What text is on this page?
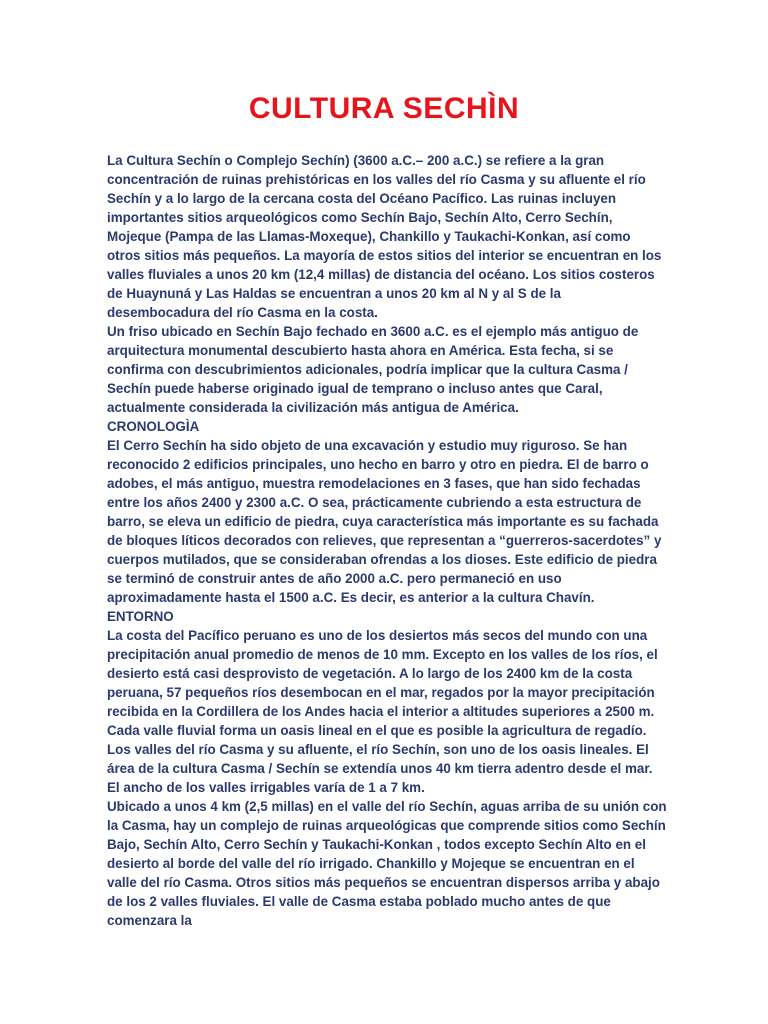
CULTURA SECHÌN

La Cultura Sechín o Complejo Sechín) (3600 a.C.– 200 a.C.) se refiere a la gran concentración de ruinas prehistóricas en los valles del río Casma y su afluente el río Sechín y a lo largo de la cercana costa del Océano Pacífico. Las ruinas incluyen importantes sitios arqueológicos como Sechín Bajo, Sechín Alto, Cerro Sechín, Mojeque (Pampa de las Llamas-Moxeque), Chankillo y Taukachi-Konkan, así como otros sitios más pequeños. La mayoría de estos sitios del interior se encuentran en los valles fluviales a unos 20 km (12,4 millas) de distancia del océano. Los sitios costeros de Huaynuná y Las Haldas se encuentran a unos 20 km al N y al S de la desembocadura del río Casma en la costa.

Un friso ubicado en Sechín Bajo fechado en 3600 a.C. es el ejemplo más antiguo de arquitectura monumental descubierto hasta ahora en América. Esta fecha, si se confirma con descubrimientos adicionales, podría implicar que la cultura Casma / Sechín puede haberse originado igual de temprano o incluso antes que Caral, actualmente considerada la civilización más antigua de América.

CRONOLOGÌA

El Cerro Sechín ha sido objeto de una excavación y estudio muy riguroso. Se han reconocido 2 edificios principales, uno hecho en barro y otro en piedra. El de barro o adobes, el más antiguo, muestra remodelaciones en 3 fases, que han sido fechadas entre los años 2400 y 2300 a.C. O sea, prácticamente cubriendo a esta estructura de barro, se eleva un edificio de piedra, cuya característica más importante es su fachada de bloques líticos decorados con relieves, que representan a “guerreros-sacerdotes” y cuerpos mutilados, que se consideraban ofrendas a los dioses. Este edificio de piedra se terminó de construir antes de año 2000 a.C. pero permaneció en uso aproximadamente hasta el 1500 a.C. Es decir, es anterior a la cultura Chavín.

ENTORNO

La costa del Pacífico peruano es uno de los desiertos más secos del mundo con una precipitación anual promedio de menos de 10 mm. Excepto en los valles de los ríos, el desierto está casi desprovisto de vegetación. A lo largo de los 2400 km de la costa peruana, 57 pequeños ríos desembocan en el mar, regados por la mayor precipitación recibida en la Cordillera de los Andes hacia el interior a altitudes superiores a 2500 m. Cada valle fluvial forma un oasis lineal en el que es posible la agricultura de regadío. Los valles del río Casma y su afluente, el río Sechín, son uno de los oasis lineales. El área de la cultura Casma / Sechín se extendía unos 40 km tierra adentro desde el mar. El ancho de los valles irrigables varía de 1 a 7 km.

Ubicado a unos 4 km (2,5 millas) en el valle del río Sechín, aguas arriba de su unión con la Casma, hay un complejo de ruinas arqueológicas que comprende sitios como Sechín Bajo, Sechín Alto, Cerro Sechín y Taukachi-Konkan , todos excepto Sechín Alto en el desierto al borde del valle del río irrigado. Chankillo y Mojeque se encuentran en el valle del río Casma. Otros sitios más pequeños se encuentran dispersos arriba y abajo de los 2 valles fluviales. El valle de Casma estaba poblado mucho antes de que comenzara la
